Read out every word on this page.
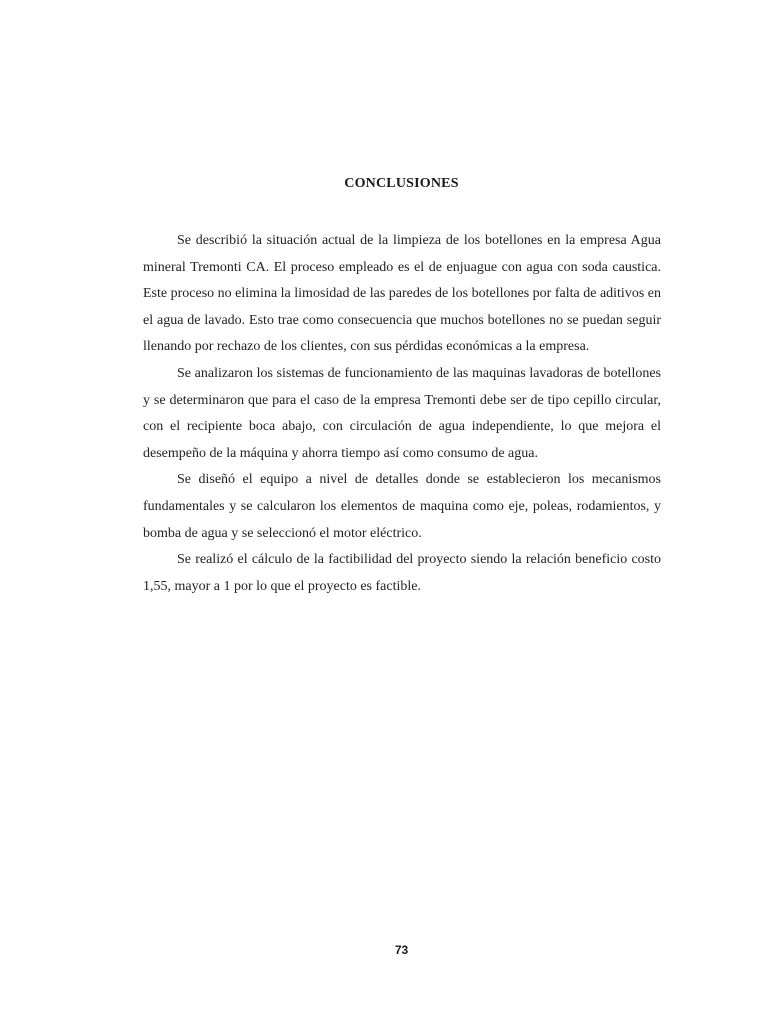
CONCLUSIONES

Se describió la situación actual de la limpieza de los botellones en la empresa Agua mineral Tremonti CA. El proceso empleado es el de enjuague con agua con soda caustica. Este proceso no elimina la limosidad de las paredes de los botellones por falta de aditivos en el agua de lavado. Esto trae como consecuencia que muchos botellones no se puedan seguir llenando por rechazo de los clientes, con sus pérdidas económicas a la empresa.

Se analizaron los sistemas de funcionamiento de las maquinas lavadoras de botellones y se determinaron que para el caso de la empresa Tremonti debe ser de tipo cepillo circular, con el recipiente boca abajo, con circulación de agua independiente, lo que mejora el desempeño de la máquina y ahorra tiempo así como consumo de agua.

Se diseñó el equipo a nivel de detalles donde se establecieron los mecanismos fundamentales y se calcularon los elementos de maquina como eje, poleas, rodamientos, y bomba de agua y se seleccionó el motor eléctrico.

Se realizó el cálculo de la factibilidad del proyecto siendo la relación beneficio costo 1,55, mayor a 1 por lo que el proyecto es factible.

73
